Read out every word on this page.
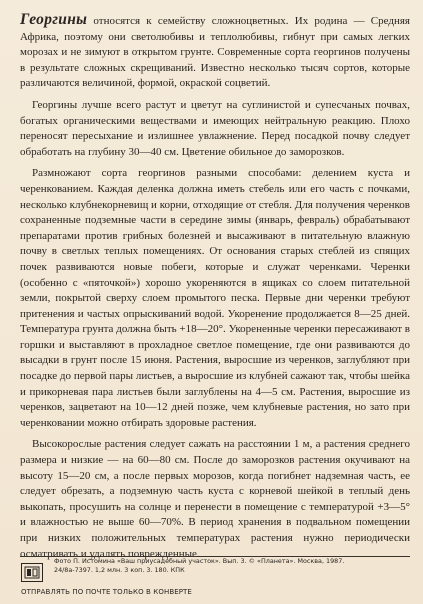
Георгины относятся к семейству сложноцветных. Их родина — Средняя Африка, поэтому они светолюбивы и теплолюбивы, гибнут при самых легких морозах и не зимуют в открытом грунте. Современные сорта георгинов получены в результате сложных скрещиваний. Известно несколько тысяч сортов, которые различаются величиной, формой, окраской соцветий.

Георгины лучше всего растут и цветут на суглинистой и супесчаных почвах, богатых органическими веществами и имеющих нейтральную реакцию. Плохо переносят пересыхание и излишнее увлажнение. Перед посадкой почву следует обработать на глубину 30—40 см. Цветение обильное до заморозков.

Размножают сорта георгинов разными способами: делением куста и черенкованием. Каждая деленка должна иметь стебель или его часть с почками, несколько клубнекорневищ и корни, отходящие от стебля. Для получения черенков сохраненные подземные части в середине зимы (январь, февраль) обрабатывают препаратами против грибных болезней и высаживают в питательную влажную почву в светлых теплых помещениях. От основания старых стеблей из спящих почек развиваются новые побеги, которые и служат черенками. Черенки (особенно с «пяточкой») хорошо укореняются в ящиках со слоем питательной земли, покрытой сверху слоем промытого песка. Первые дни черенки требуют притенения и частых опрыскиваний водой. Укоренение продолжается 8—25 дней. Температура грунта должна быть +18—20°. Укорененные черенки пересаживают в горшки и выставляют в прохладное светлое помещение, где они развиваются до высадки в грунт после 15 июня. Растения, выросшие из черенков, заглубляют при посадке до первой пары листьев, а выросшие из клубней сажают так, чтобы шейка и прикорневая пара листьев были заглублены на 4—5 см. Растения, выросшие из черенков, зацветают на 10—12 дней позже, чем клубневые растения, но зато при черенковании можно отбирать здоровые растения.

Высокорослые растения следует сажать на расстоянии 1 м, а растения среднего размера и низкие — на 60—80 см. После до заморозков растения окучивают на высоту 15—20 см, а после первых морозов, когда погибнет надземная часть, ее следует обрезать, а подземную часть куста с корневой шейкой в теплый день выкопать, просушить на солнце и перенести в помещение с температурой +3—5° и влажностью не выше 60—70%. В период хранения в подвальном помещении при низких положительных температурах растения нужно периодически осматривать и удалять поврежденные.

Фото П. Истомина «Ваш приусадебный участок». Вып. 3. © «Планета». Москва, 1987.
24/8а-7397. 1,2 млн. 3 коп. 3. 180. КПК
ОТПРАВЛЯТЬ ПО ПОЧТЕ ТОЛЬКО В КОНВЕРТЕ
